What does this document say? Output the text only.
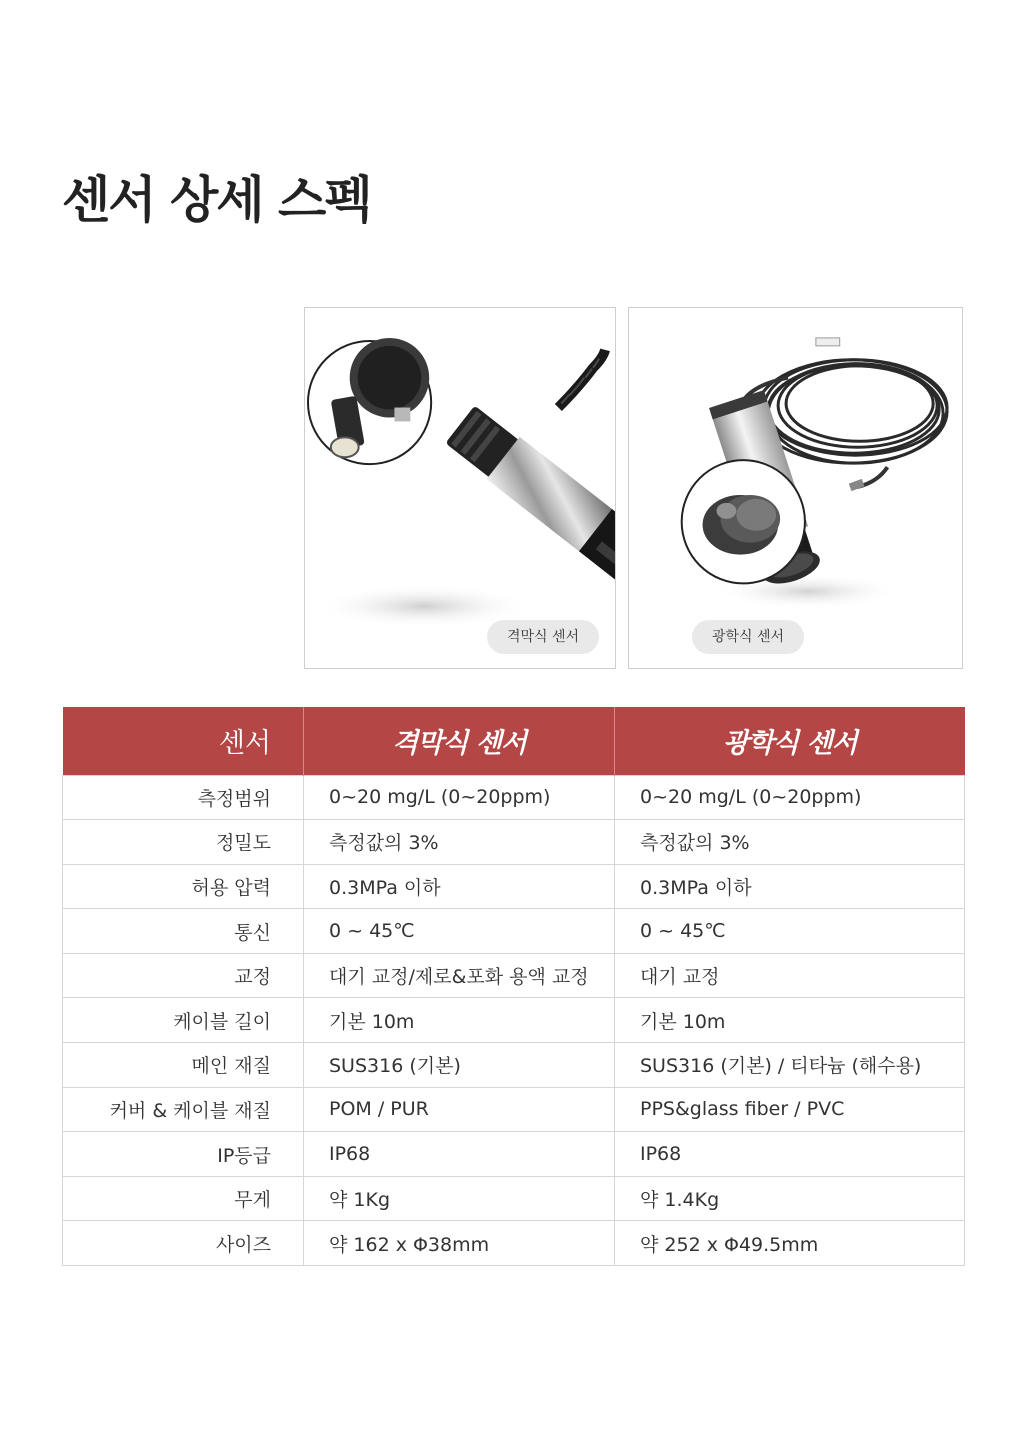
센서 상세 스펙
격막식 센서	광학식 센서
센서	격막식 센서	광학식 센서
측정범위	0~20 mg/L (0~20ppm)	0~20 mg/L (0~20ppm)
정밀도	측정값의 3%	측정값의 3%
허용 압력	0.3MPa 이하	0.3MPa 이하
통신	0 ~ 45℃	0 ~ 45℃
교정	대기 교정/제로&포화 용액 교정	대기 교정
케이블 길이	기본 10m	기본 10m
메인 재질	SUS316 (기본)	SUS316 (기본) / 티타늄 (해수용)
커버 & 케이블 재질	POM / PUR	PPS&glass fiber / PVC
IP등급	IP68	IP68
무게	약 1Kg	약 1.4Kg
사이즈	약 162 x Φ38mm	약 252 x Φ49.5mm
